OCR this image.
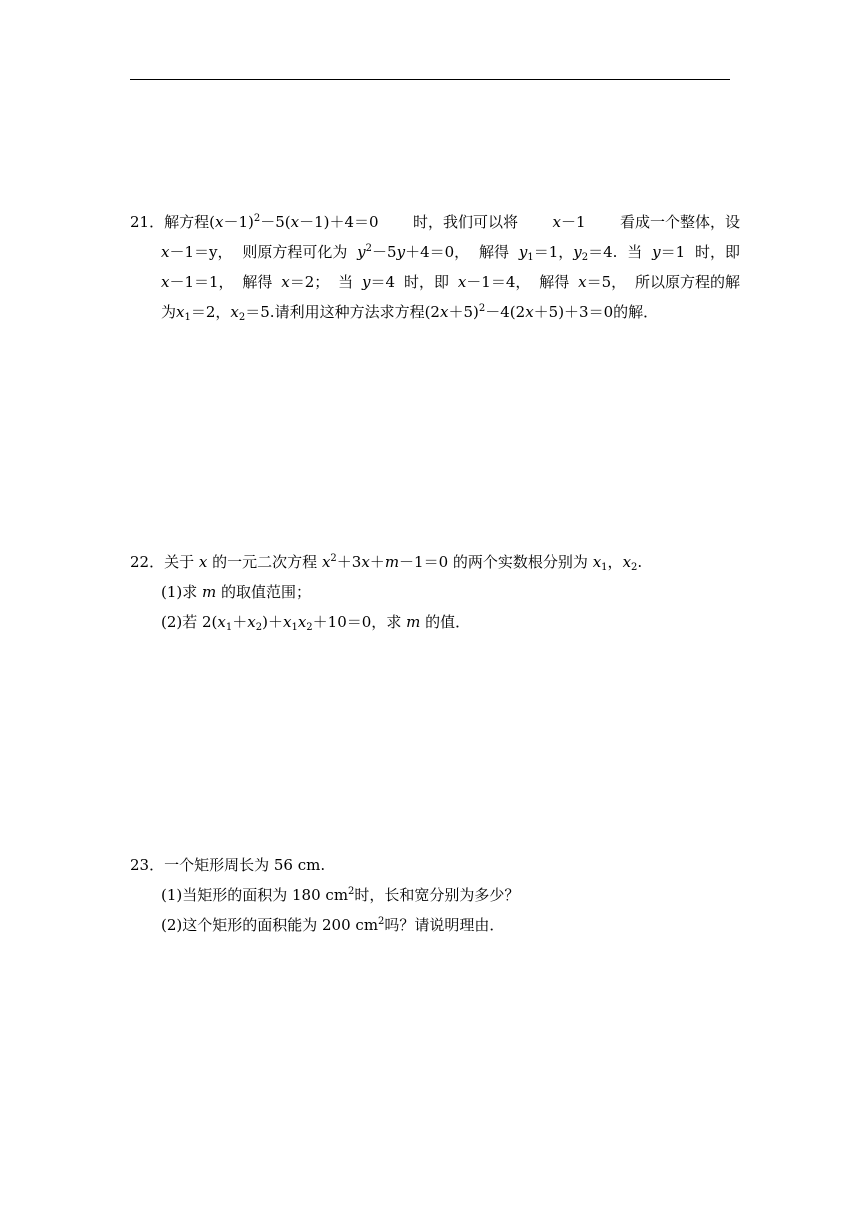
21．解方程$(x-1)^2-5(x-1)+4=0$ 时，我们可以将 x－1 看成一个整体，设
x－1＝y， 则原方程可化为 $y^2-5y+4=0$， 解得 $y_1=1$，$y_2=4$. 当 y＝1 时，即
x－1＝1， 解得 x＝2； 当 y＝4 时，即 x－1＝4， 解得 x＝5， 所以原方程的解
为$x_1=2$，$x_2=5$.请利用这种方法求方程$(2x+5)^2-4(2x+5)+3=0$的解．
22．关于 x 的一元二次方程 $x^2+3x+m-1=0$ 的两个实数根分别为 $x_1$，$x_2$.
(1)求 m 的取值范围；
(2)若 $2(x_1+x_2)+x_1x_2+10=0$，求 m 的值．
23．一个矩形周长为 56 cm.
(1)当矩形的面积为 180 $cm^2$时，长和宽分别为多少？
(2)这个矩形的面积能为 200 $cm^2$吗？请说明理由．
